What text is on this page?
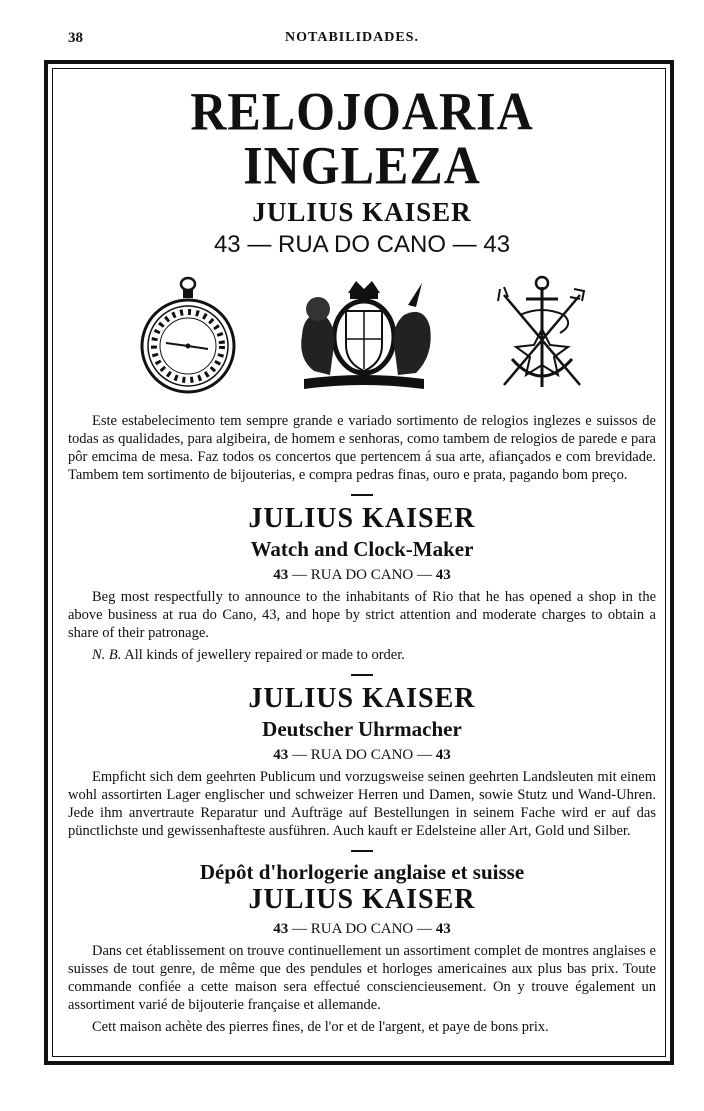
38	NOTABILIDADES.
RELOJOARIA INGLEZA
JULIUS KAISER
43 — RUA DO CANO — 43

Este estabelecimento tem sempre grande e variado sortimento de relogios inglezes e suissos de todas as qualidades, para algibeira, de homem e senhoras, como tambem de relogios de parede e para pôr emcima de mesa. Faz todos os concertos que pertencem á sua arte, afiançados e com brevidade. Tambem tem sortimento de bijouterias, e compra pedras finas, ouro e prata, pagando bom preço.

JULIUS KAISER
Watch and Clock-Maker
43 — RUA DO CANO — 43

Beg most respectfully to announce to the inhabitants of Rio that he has opened a shop in the above business at rua do Cano, 43, and hope by strict attention and moderate charges to obtain a share of their patronage.

N. B. All kinds of jewellery repaired or made to order.

JULIUS KAISER
Deutscher Uhrmacher
43 — RUA DO CANO — 43

Empficht sich dem geehrten Publicum und vorzugsweise seinen geehrten Landsleuten mit einem wohl assortirten Lager englischer und schweizer Herren und Damen, sowie Stutz und Wand-Uhren. Jede ihm anvertraute Reparatur und Aufträge auf Bestellungen in seinem Fache wird er auf das pünctlichste und gewissenhafteste ausführen. Auch kauft er Edelsteine aller Art, Gold und Silber.

Dépôt d'horlogerie anglaise et suisse
JULIUS KAISER
43 — RUA DO CANO — 43

Dans cet établissement on trouve continuellement un assortiment complet de montres anglaises e suisses de tout genre, de même que des pendules et horloges americaines aux plus bas prix. Toute commande confiée a cette maison sera effectué consciencieusement. On y trouve également un assortiment varié de bijouterie française et allemande.

Cett maison achète des pierres fines, de l'or et de l'argent, et paye de bons prix.
